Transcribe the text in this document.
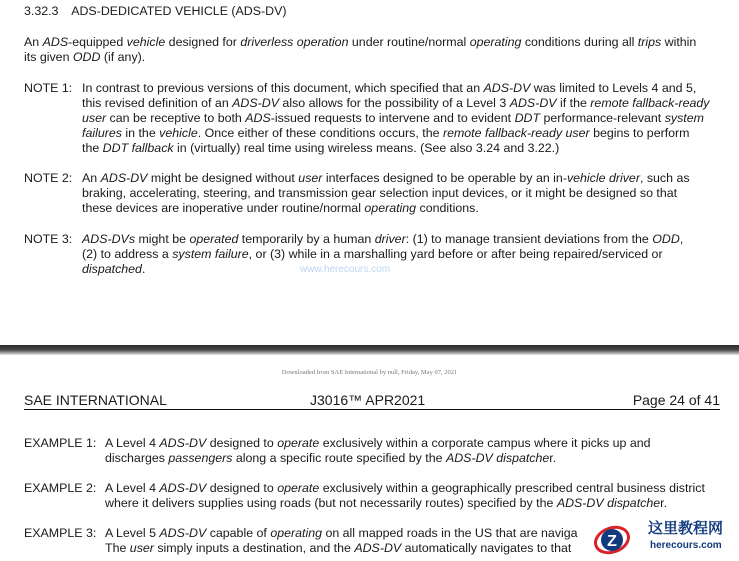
3.32.3 ADS-DEDICATED VEHICLE (ADS-DV)

An ADS-equipped vehicle designed for driverless operation under routine/normal operating conditions during all trips within

its given ODD (if any).

NOTE 1: In contrast to previous versions of this document, which specified that an ADS-DV was limited to Levels 4 and 5,

this revised definition of an ADS-DV also allows for the possibility of a Level 3 ADS-DV if the remote fallback-ready

user can be receptive to both ADS-issued requests to intervene and to evident DDT performance-relevant system

failures in the vehicle. Once either of these conditions occurs, the remote fallback-ready user begins to perform

the DDT fallback in (virtually) real time using wireless means. (See also 3.24 and 3.22.)

NOTE 2: An ADS-DV might be designed without user interfaces designed to be operable by an in-vehicle driver, such as

braking, accelerating, steering, and transmission gear selection input devices, or it might be designed so that

these devices are inoperative under routine/normal operating conditions.

NOTE 3: ADS-DVs might be operated temporarily by a human driver: (1) to manage transient deviations from the ODD,

(2) to address a system failure, or (3) while in a marshalling yard before or after being repaired/serviced or

dispatched.	www.herecours.com
Downloaded from SAE International by null, Friday, May 07, 2021
SAE INTERNATIONAL	J3016™ APR2021	Page 24 of 41
EXAMPLE 1: A Level 4 ADS-DV designed to operate exclusively within a corporate campus where it picks up and

discharges passengers along a specific route specified by the ADS-DV dispatcher.

EXAMPLE 2: A Level 4 ADS-DV designed to operate exclusively within a geographically prescribed central business district

where it delivers supplies using roads (but not necessarily routes) specified by the ADS-DV dispatcher.

EXAMPLE 3: A Level 5 ADS-DV capable of operating on all mapped roads in the US that are naviga

The user simply inputs a destination, and the ADS-DV automatically navigates to that	Z
这里教程网
herecours.com
